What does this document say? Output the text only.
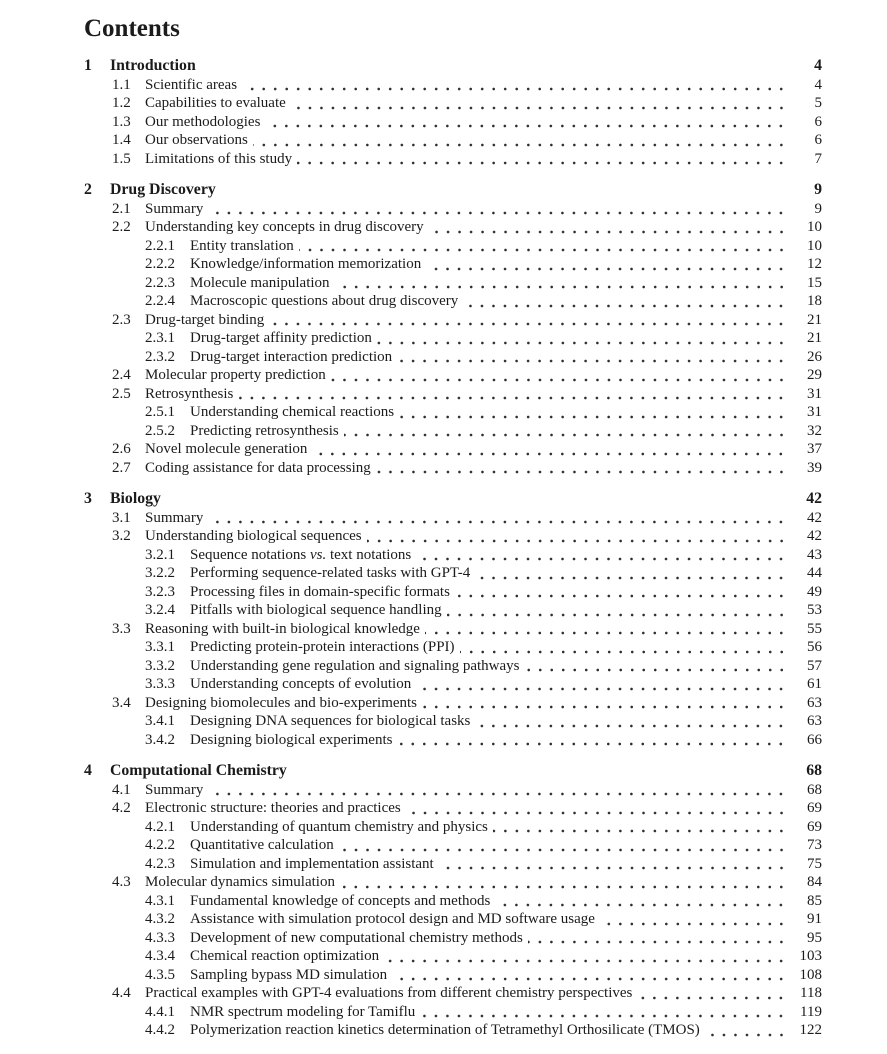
Contents
1	Introduction	4
1.1 Scientific areas	4
1.2 Capabilities to evaluate	5
1.3 Our methodologies	6
1.4 Our observations	6
1.5 Limitations of this study	7
2	Drug Discovery	9
2.1 Summary	9
2.2 Understanding key concepts in drug discovery	10
2.2.1	Entity translation	10
2.2.2	Knowledge/information memorization	12
2.2.3	Molecule manipulation	15
2.2.4	Macroscopic questions about drug discovery	18
2.3 Drug-target binding	21
2.3.1	Drug-target affinity prediction	21
2.3.2	Drug-target interaction prediction	26
2.4 Molecular property prediction	29
2.5 Retrosynthesis	31
2.5.1	Understanding chemical reactions	31
2.5.2	Predicting retrosynthesis	32
2.6 Novel molecule generation	37
2.7 Coding assistance for data processing	39
3	Biology	42
3.1 Summary	42
3.2 Understanding biological sequences	42
3.2.1	Sequence notations vs. text notations	43
3.2.2	Performing sequence-related tasks with GPT-4	44
3.2.3	Processing files in domain-specific formats	49
3.2.4	Pitfalls with biological sequence handling	53
3.3 Reasoning with built-in biological knowledge	55
3.3.1	Predicting protein-protein interactions (PPI)	56
3.3.2	Understanding gene regulation and signaling pathways	57
3.3.3	Understanding concepts of evolution	61
3.4 Designing biomolecules and bio-experiments	63
3.4.1	Designing DNA sequences for biological tasks	63
3.4.2	Designing biological experiments	66
4	Computational Chemistry	68
4.1 Summary	68
4.2 Electronic structure: theories and practices	69
4.2.1	Understanding of quantum chemistry and physics	69
4.2.2	Quantitative calculation	73
4.2.3	Simulation and implementation assistant	75
4.3 Molecular dynamics simulation	84
4.3.1	Fundamental knowledge of concepts and methods	85
4.3.2	Assistance with simulation protocol design and MD software usage	91
4.3.3	Development of new computational chemistry methods	95
4.3.4	Chemical reaction optimization	103
4.3.5	Sampling bypass MD simulation	108
4.4 Practical examples with GPT-4 evaluations from different chemistry perspectives	118
4.4.1	NMR spectrum modeling for Tamiflu	119
4.4.2	Polymerization reaction kinetics determination of Tetramethyl Orthosilicate (TMOS)	122
